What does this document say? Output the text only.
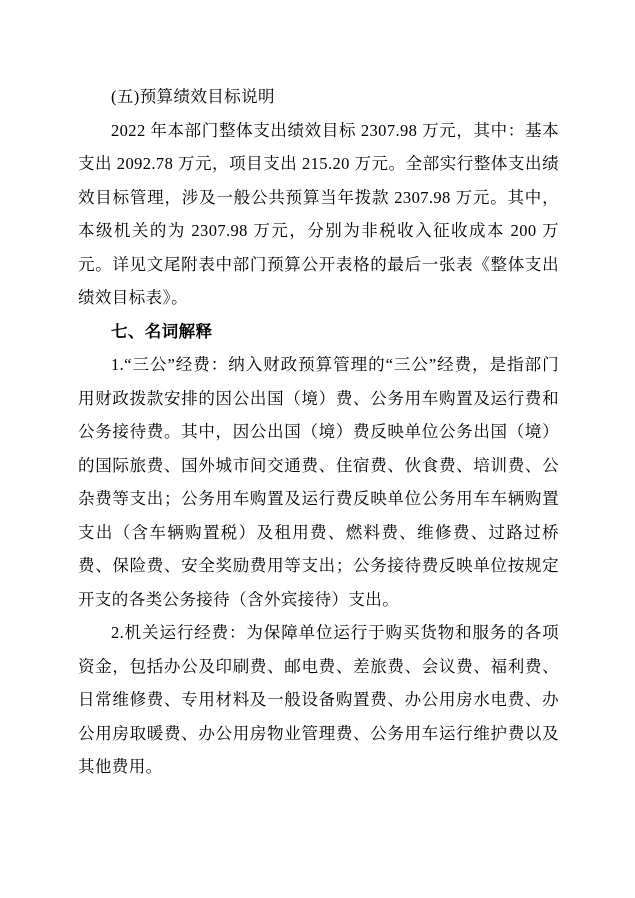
(五)预算绩效目标说明

2022 年本部门整体支出绩效目标 2307.98 万元，其中：基本支出 2092.78 万元，项目支出 215.20 万元。全部实行整体支出绩效目标管理，涉及一般公共预算当年拨款 2307.98 万元。其中，本级机关的为 2307.98 万元，分别为非税收入征收成本 200 万元。详见文尾附表中部门预算公开表格的最后一张表《整体支出绩效目标表》。

七、名词解释

1.“三公”经费：纳入财政预算管理的“三公”经费，是指部门用财政拨款安排的因公出国（境）费、公务用车购置及运行费和公务接待费。其中，因公出国（境）费反映单位公务出国（境）的国际旅费、国外城市间交通费、住宿费、伙食费、培训费、公杂费等支出；公务用车购置及运行费反映单位公务用车车辆购置支出（含车辆购置税）及租用费、燃料费、维修费、过路过桥费、保险费、安全奖励费用等支出；公务接待费反映单位按规定开支的各类公务接待（含外宾接待）支出。

2.机关运行经费：为保障单位运行于购买货物和服务的各项资金，包括办公及印刷费、邮电费、差旅费、会议费、福利费、日常维修费、专用材料及一般设备购置费、办公用房水电费、办公用房取暖费、办公用房物业管理费、公务用车运行维护费以及其他费用。
